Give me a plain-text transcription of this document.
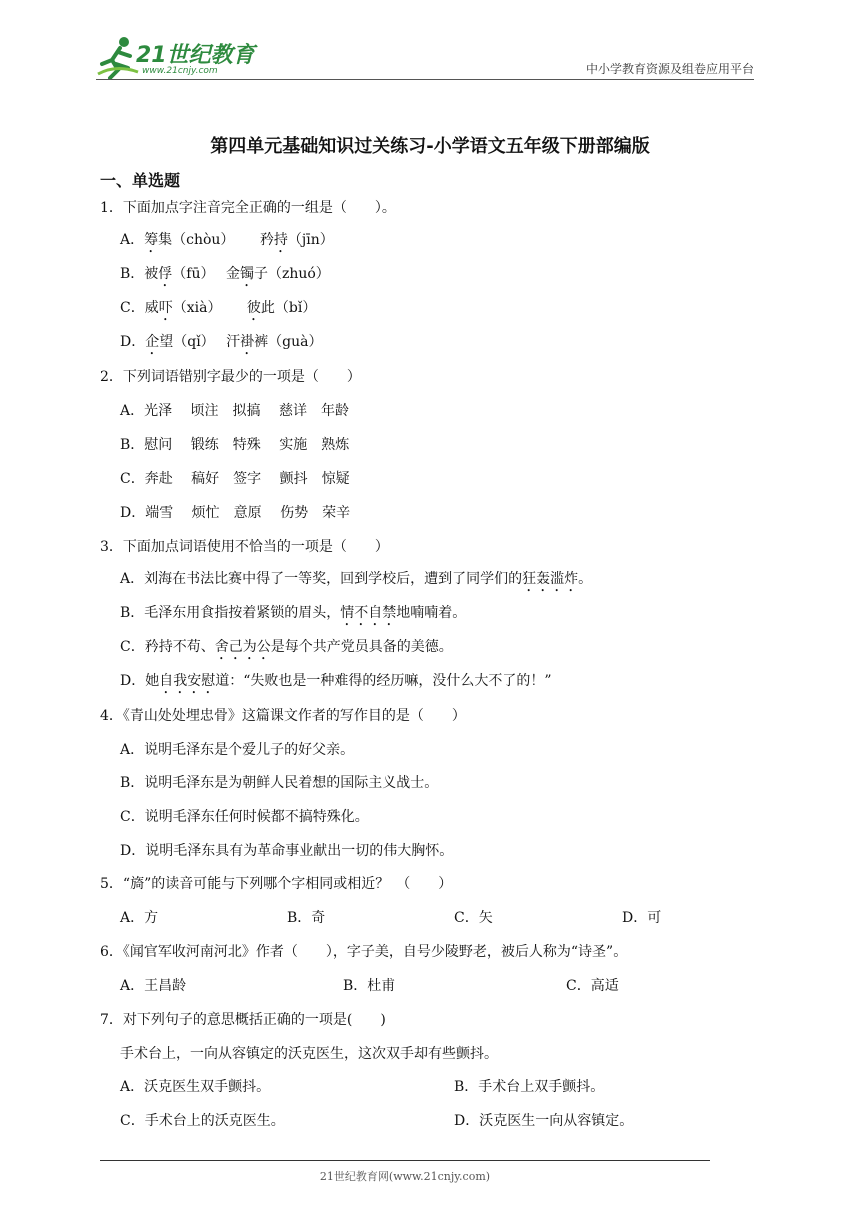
21世纪教育
www.21cnjy.com	中小学教育资源及组卷应用平台
第四单元基础知识过关练习-小学语文五年级下册部编版
一、单选题
1．下面加点字注音完全正确的一组是（　　）。
A．筹集（chòu）　　 矜持（jīn）
B．被俘（fū）　 金镯子（zhuó）
C．威吓（xià）　　 彼此（bǐ）
D．企望（qǐ）　 汗褂裤（guà）
2．下列词语错别字最少的一项是（　　）
A．光泽　 顷注　拟搞　 慈详　年龄
B．慰问　 锻练　特殊　 实施　熟炼
C．奔赴　 稿好　签字　 颤抖　惊疑
D．端雪　 烦忙　意原　 伤势　荣辛
3．下面加点词语使用不恰当的一项是（　　）
A．刘海在书法比赛中得了一等奖，回到学校后，遭到了同学们的狂轰滥炸。
B．毛泽东用食指按着紧锁的眉头，情不自禁地喃喃着。
C．矜持不苟、舍己为公是每个共产党员具备的美德。
D．她自我安慰道：“失败也是一种难得的经历嘛，没什么大不了的！”
4．《青山处处埋忠骨》这篇课文作者的写作目的是（　　）
A．说明毛泽东是个爱儿子的好父亲。
B．说明毛泽东是为朝鲜人民着想的国际主义战士。
C．说明毛泽东任何时候都不搞特殊化。
D．说明毛泽东具有为革命事业献出一切的伟大胸怀。
5．“旖”的读音可能与下列哪个字相同或相近？　（　　）
A．方	B．奇	C．矢	D．可
6．《闻官军收河南河北》作者（　　），字子美，自号少陵野老，被后人称为“诗圣”。
A．王昌龄	B．杜甫	C．高适
7．对下列句子的意思概括正确的一项是(　　)
手术台上，一向从容镇定的沃克医生，这次双手却有些颤抖。
A．沃克医生双手颤抖。	B．手术台上双手颤抖。
C．手术台上的沃克医生。	D．沃克医生一向从容镇定。
21世纪教育网(www.21cnjy.com)
